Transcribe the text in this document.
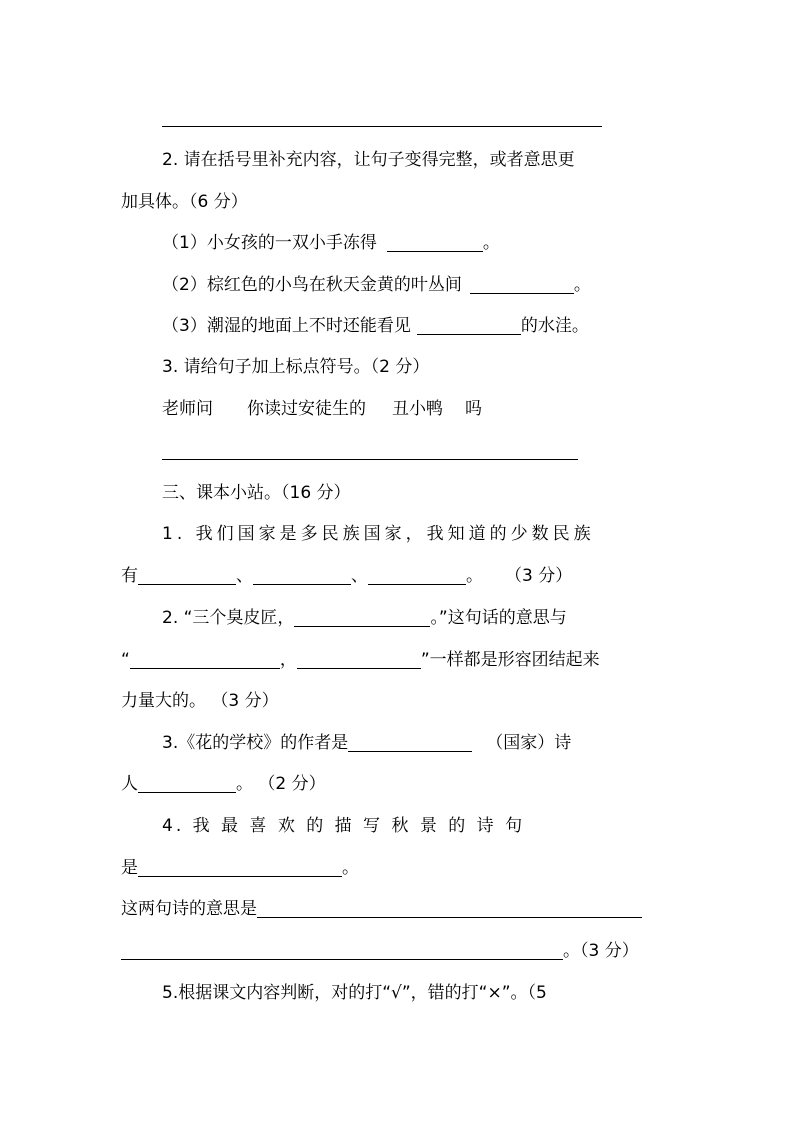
2. 请在括号里补充内容，让句子变得完整，或者意思更
加具体。（6 分）
（1）小女孩的一双小手冻得	。
（2）棕红色的小鸟在秋天金黄的叶丛间	。
（3）潮湿的地面上不时还能看见	的水洼。
3. 请给句子加上标点符号。（2 分）
老师问 你读过安徒生的 丑小鸭 吗
三、课本小站。（16 分）
1. 我们国家是多民族国家，我知道的少数民族
有	、	、	。 （3 分）
2. “三个臭皮匠，	。”这句话的意思与
“	，	”一样都是形容团结起来
力量大的。 （3 分）
3.《花的学校》的作者是	（国家）诗
人	。 （2 分）
4. 我 最 喜 欢 的 描 写 秋 景 的 诗 句
是	。
这两句诗的意思是
。（3 分）
5.根据课文内容判断，对的打“√”，错的打“×”。（5
